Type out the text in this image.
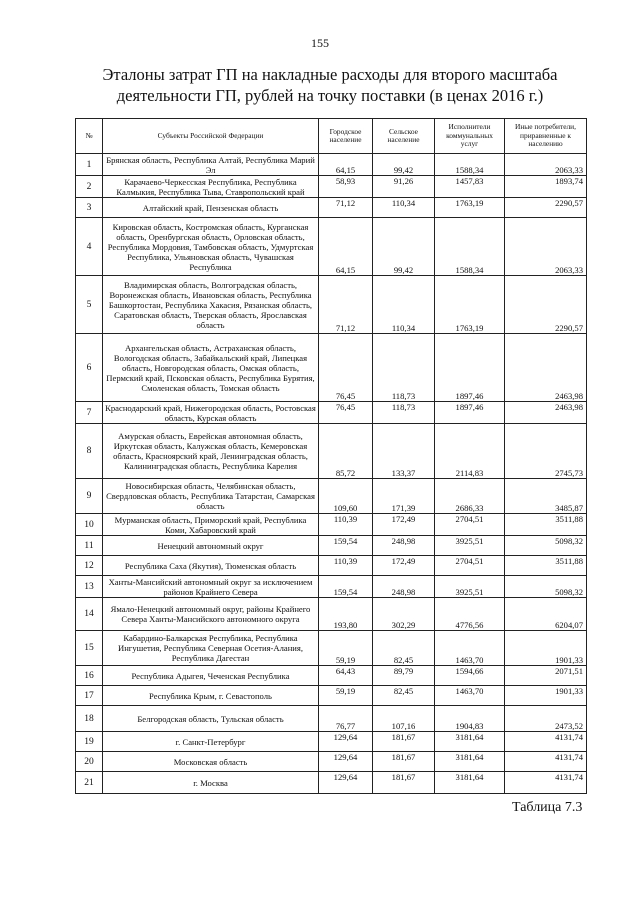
155
Эталоны затрат ГП на накладные расходы для второго масштаба
деятельности ГП, рублей на точку поставки (в ценах 2016 г.)
№	Субъекты Российской Федерации	Городское население	Сельское население	Исполнители коммунальных услуг	Иные потребители, приравненные к населению
1	Брянская область, Республика Алтай, Республика Марий Эл	64,15	99,42	1588,34	2063,33
2	Карачаево-Черкесская Республика, Республика Калмыкия, Республика Тыва, Ставропольский край	58,93	91,26	1457,83	1893,74
3	Алтайский край, Пензенская область	71,12	110,34	1763,19	2290,57
4	Кировская область, Костромская область, Курганская область, Оренбургская область, Орловская область, Республика Мордовия, Тамбовская область, Удмуртская Республика, Ульяновская область, Чувашская Республика	64,15	99,42	1588,34	2063,33
5	Владимирская область, Волгоградская область, Воронежская область, Ивановская область, Республика Башкортостан, Республика Хакасия, Рязанская область, Саратовская область, Тверская область, Ярославская область	71,12	110,34	1763,19	2290,57
6	Архангельская область, Астраханская область, Вологодская область, Забайкальский край, Липецкая область, Новгородская область, Омская область, Пермский край, Псковская область, Республика Бурятия, Смоленская область, Томская область	76,45	118,73	1897,46	2463,98
7	Краснодарский край, Нижегородская область, Ростовская область, Курская область	76,45	118,73	1897,46	2463,98
8	Амурская область, Еврейская автономная область, Иркутская область, Калужская область, Кемеровская область, Красноярский край, Ленинградская область, Калининградская область, Республика Карелия	85,72	133,37	2114,83	2745,73
9	Новосибирская область, Челябинская область, Свердловская область, Республика Татарстан, Самарская область	109,60	171,39	2686,33	3485,87
10	Мурманская область, Приморский край, Республика Коми, Хабаровский край	110,39	172,49	2704,51	3511,88
11	Ненецкий автономный округ	159,54	248,98	3925,51	5098,32
12	Республика Саха (Якутия), Тюменская область	110,39	172,49	2704,51	3511,88
13	Ханты-Мансийский автономный округ за исключением районов Крайнего Севера	159,54	248,98	3925,51	5098,32
14	Ямало-Ненецкий автономный округ, районы Крайнего Севера Ханты-Мансийского автономного округа	193,80	302,29	4776,56	6204,07
15	Кабардино-Балкарская Республика, Республика Ингушетия, Республика Северная Осетия-Алания, Республика Дагестан	59,19	82,45	1463,70	1901,33
16	Республика Адыгея, Чеченская Республика	64,43	89,79	1594,66	2071,51
17	Республика Крым, г. Севастополь	59,19	82,45	1463,70	1901,33
18	Белгородская область, Тульская область	76,77	107,16	1904,83	2473,52
19	г. Санкт-Петербург	129,64	181,67	3181,64	4131,74
20	Московская область	129,64	181,67	3181,64	4131,74
21	г. Москва	129,64	181,67	3181,64	4131,74
Таблица 7.3
